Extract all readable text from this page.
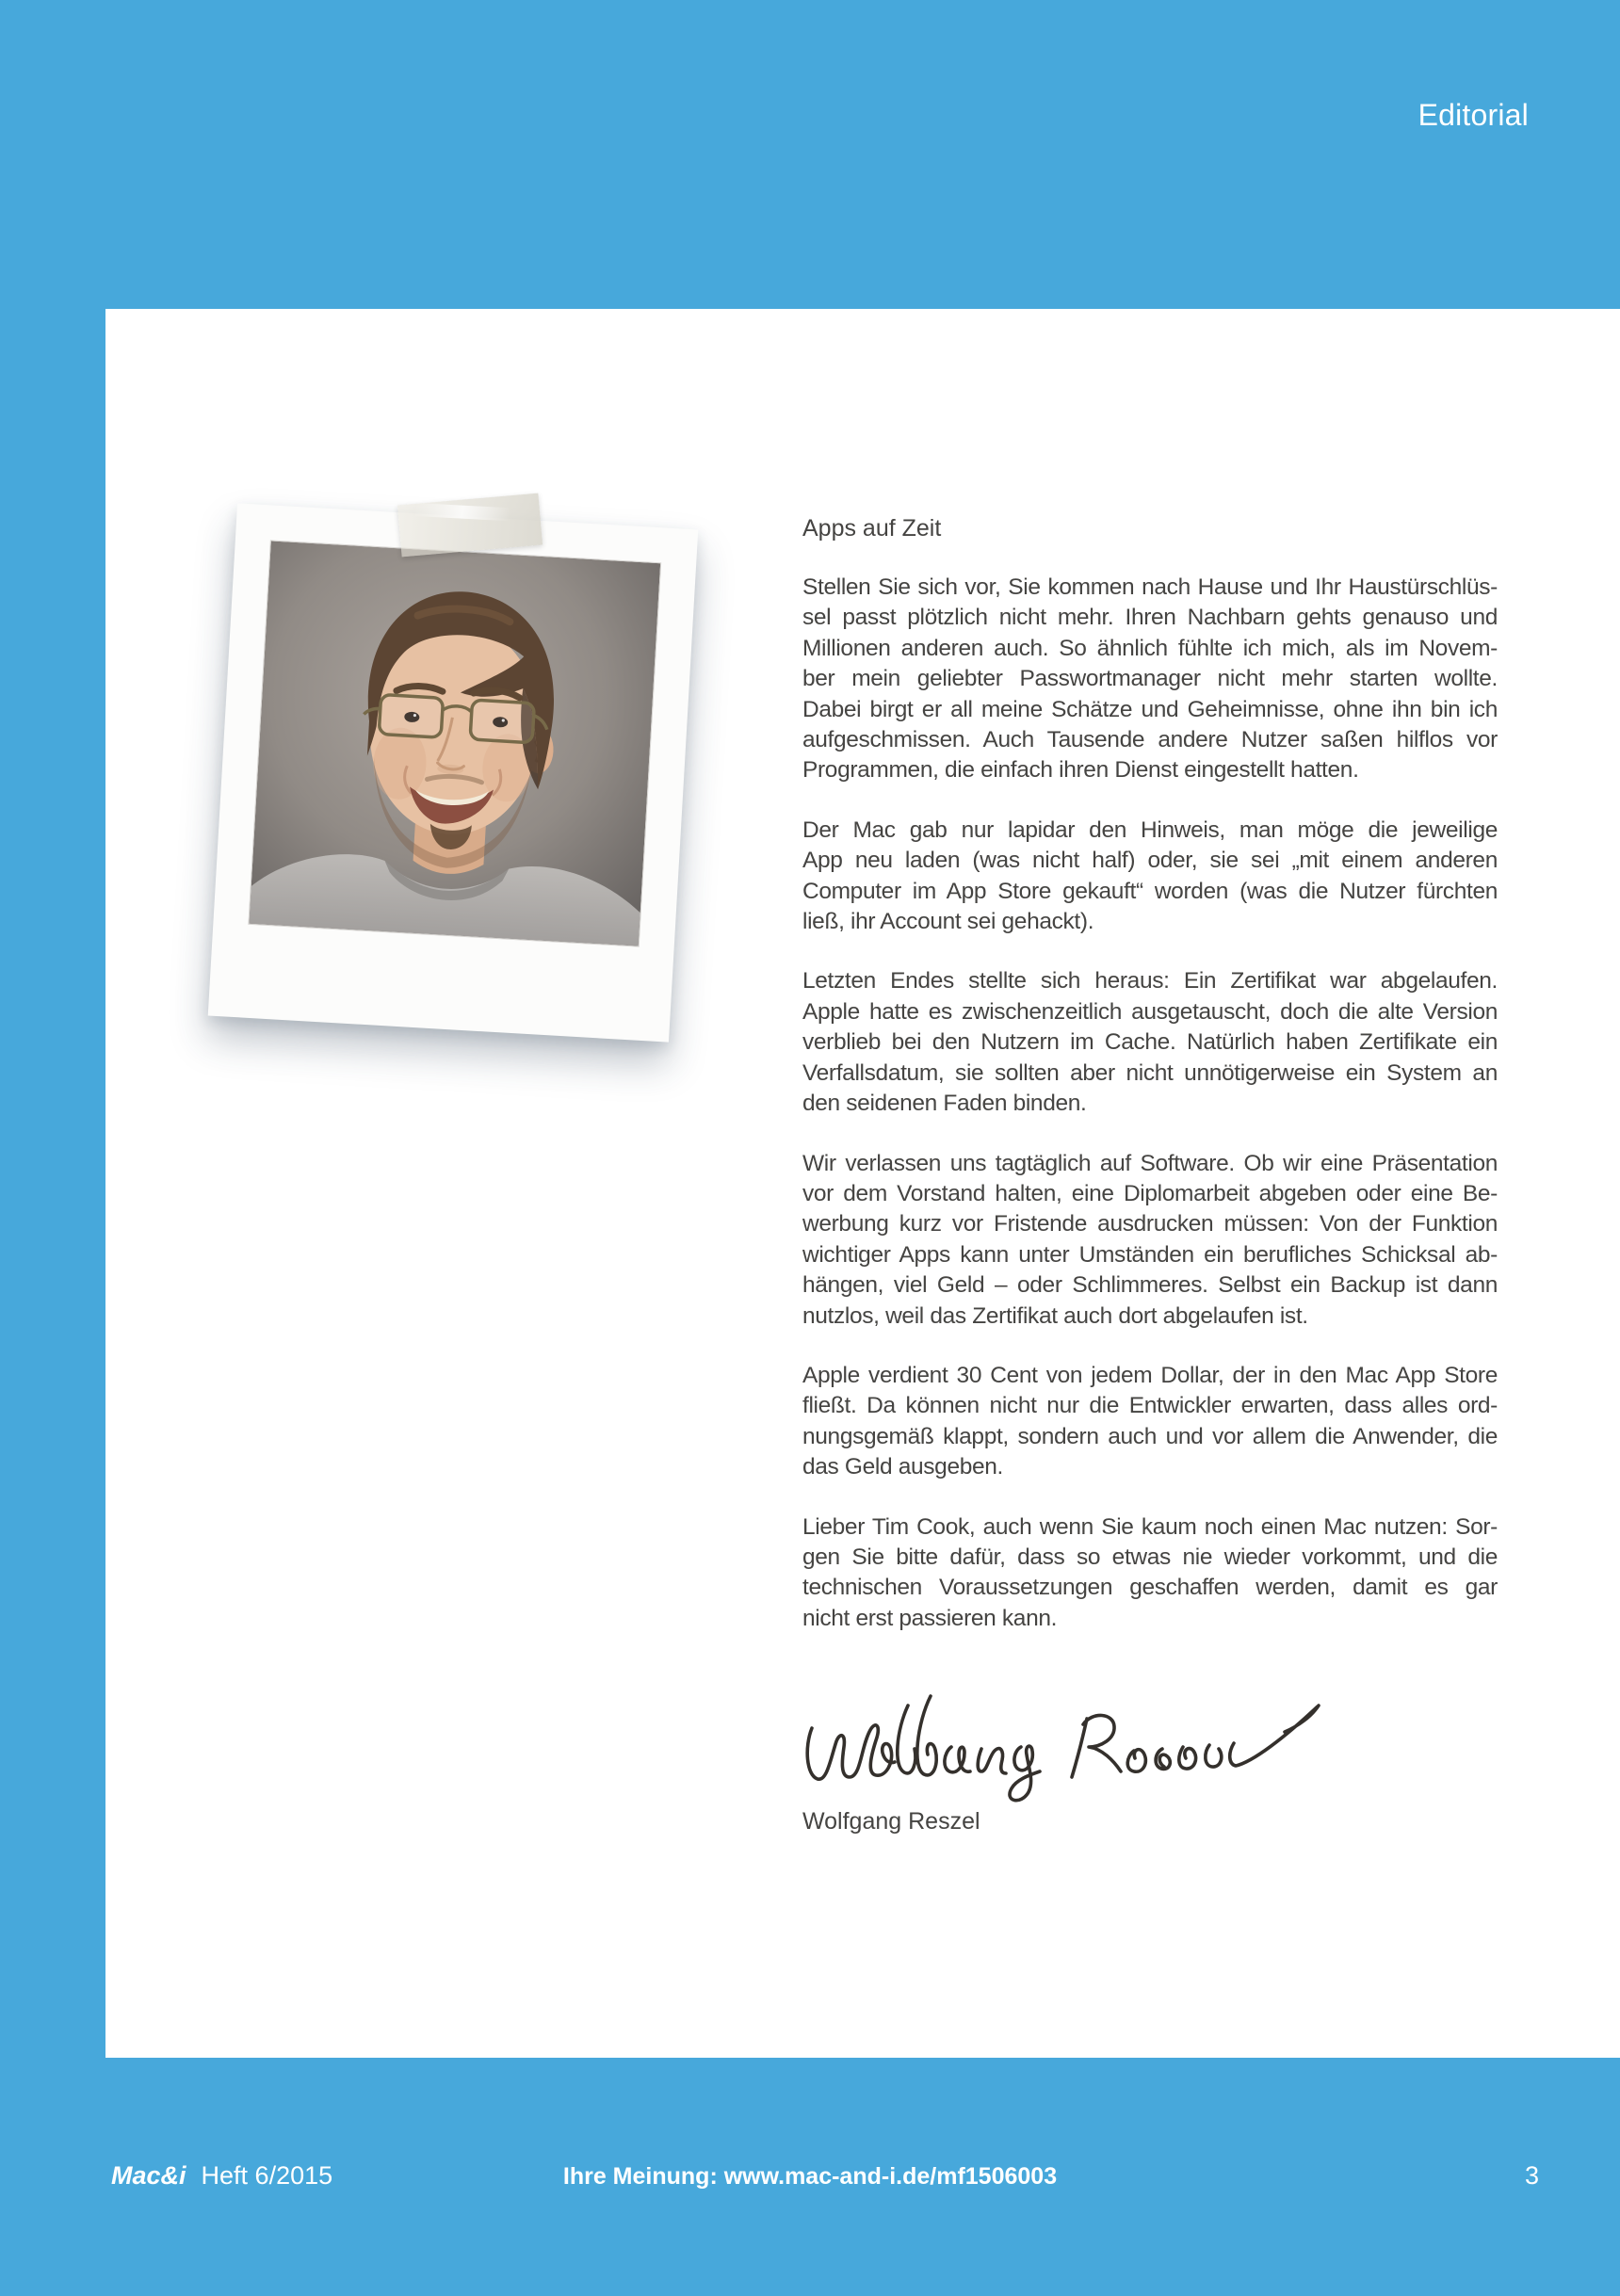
Editorial
Apps auf Zeit
Stellen Sie sich vor, Sie kommen nach Hause und Ihr Haustürschlüs-
sel passt plötzlich nicht mehr. Ihren Nachbarn gehts genauso und
Millionen anderen auch. So ähnlich fühlte ich mich, als im Novem-
ber mein geliebter Passwortmanager nicht mehr starten wollte.
Dabei birgt er all meine Schätze und Geheimnisse, ohne ihn bin ich
aufgeschmissen. Auch Tausende andere Nutzer saßen hilflos vor
Programmen, die einfach ihren Dienst eingestellt hatten.
Der Mac gab nur lapidar den Hinweis, man möge die jeweilige
App neu laden (was nicht half) oder, sie sei „mit einem anderen
Computer im App Store gekauft“ worden (was die Nutzer fürchten
ließ, ihr Account sei gehackt).
Letzten Endes stellte sich heraus: Ein Zertifikat war abgelaufen.
Apple hatte es zwischenzeitlich ausgetauscht, doch die alte Version
verblieb bei den Nutzern im Cache. Natürlich haben Zertifikate ein
Verfallsdatum, sie sollten aber nicht unnötigerweise ein System an
den seidenen Faden binden.
Wir verlassen uns tagtäglich auf Software. Ob wir eine Präsentation
vor dem Vorstand halten, eine Diplomarbeit abgeben oder eine Be-
werbung kurz vor Fristende ausdrucken müssen: Von der Funktion
wichtiger Apps kann unter Umständen ein berufliches Schicksal ab-
hängen, viel Geld – oder Schlimmeres. Selbst ein Backup ist dann
nutzlos, weil das Zertifikat auch dort abgelaufen ist.
Apple verdient 30 Cent von jedem Dollar, der in den Mac App Store
fließt. Da können nicht nur die Entwickler erwarten, dass alles ord-
nungsgemäß klappt, sondern auch und vor allem die Anwender, die
das Geld ausgeben.
Lieber Tim Cook, auch wenn Sie kaum noch einen Mac nutzen: Sor-
gen Sie bitte dafür, dass so etwas nie wieder vorkommt, und die
technischen Voraussetzungen geschaffen werden, damit es gar
nicht erst passieren kann.
Wolfgang Reszel
Mac&i Heft 6/2015	Ihre Meinung: www.mac-and-i.de/mf1506003	3
